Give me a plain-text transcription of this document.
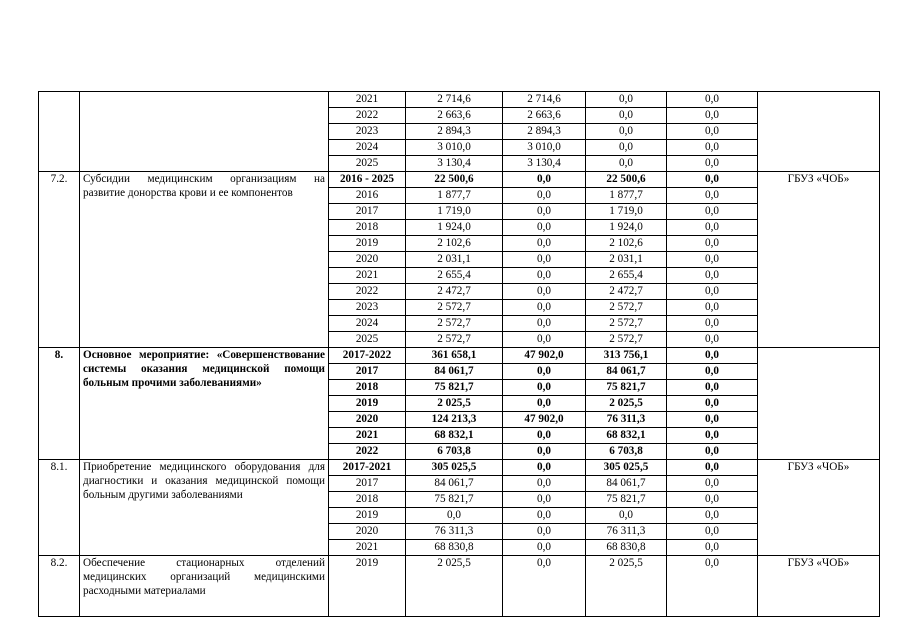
		2021	2 714,6	2 714,6	0,0	0,0	
		2022	2 663,6	2 663,6	0,0	0,0	
		2023	2 894,3	2 894,3	0,0	0,0	
		2024	3 010,0	3 010,0	0,0	0,0	
		2025	3 130,4	3 130,4	0,0	0,0	
7.2.	Субсидии медицинским организациям на развитие донорства крови и ее компонентов	2016 - 2025	22 500,6	0,0	22 500,6	0,0	ГБУЗ «ЧОБ»
		2016	1 877,7	0,0	1 877,7	0,0	
		2017	1 719,0	0,0	1 719,0	0,0	
		2018	1 924,0	0,0	1 924,0	0,0	
		2019	2 102,6	0,0	2 102,6	0,0	
		2020	2 031,1	0,0	2 031,1	0,0	
		2021	2 655,4	0,0	2 655,4	0,0	
		2022	2 472,7	0,0	2 472,7	0,0	
		2023	2 572,7	0,0	2 572,7	0,0	
		2024	2 572,7	0,0	2 572,7	0,0	
		2025	2 572,7	0,0	2 572,7	0,0	
8.	Основное мероприятие: «Совершенствование системы оказания медицинской помощи больным прочими заболеваниями»	2017-2022	361 658,1	47 902,0	313 756,1	0,0	
		2017	84 061,7	0,0	84 061,7	0,0	
		2018	75 821,7	0,0	75 821,7	0,0	
		2019	2 025,5	0,0	2 025,5	0,0	
		2020	124 213,3	47 902,0	76 311,3	0,0	
		2021	68 832,1	0,0	68 832,1	0,0	
		2022	6 703,8	0,0	6 703,8	0,0	
8.1.	Приобретение медицинского оборудования для диагностики и оказания медицинской помощи больным другими заболеваниями	2017-2021	305 025,5	0,0	305 025,5	0,0	ГБУЗ «ЧОБ»
		2017	84 061,7	0,0	84 061,7	0,0	
		2018	75 821,7	0,0	75 821,7	0,0	
		2019	0,0	0,0	0,0	0,0	
		2020	76 311,3	0,0	76 311,3	0,0	
		2021	68 830,8	0,0	68 830,8	0,0	
8.2.	Обеспечение стационарных отделений медицинских организаций медицинскими расходными материалами	2019	2 025,5	0,0	2 025,5	0,0	ГБУЗ «ЧОБ»
